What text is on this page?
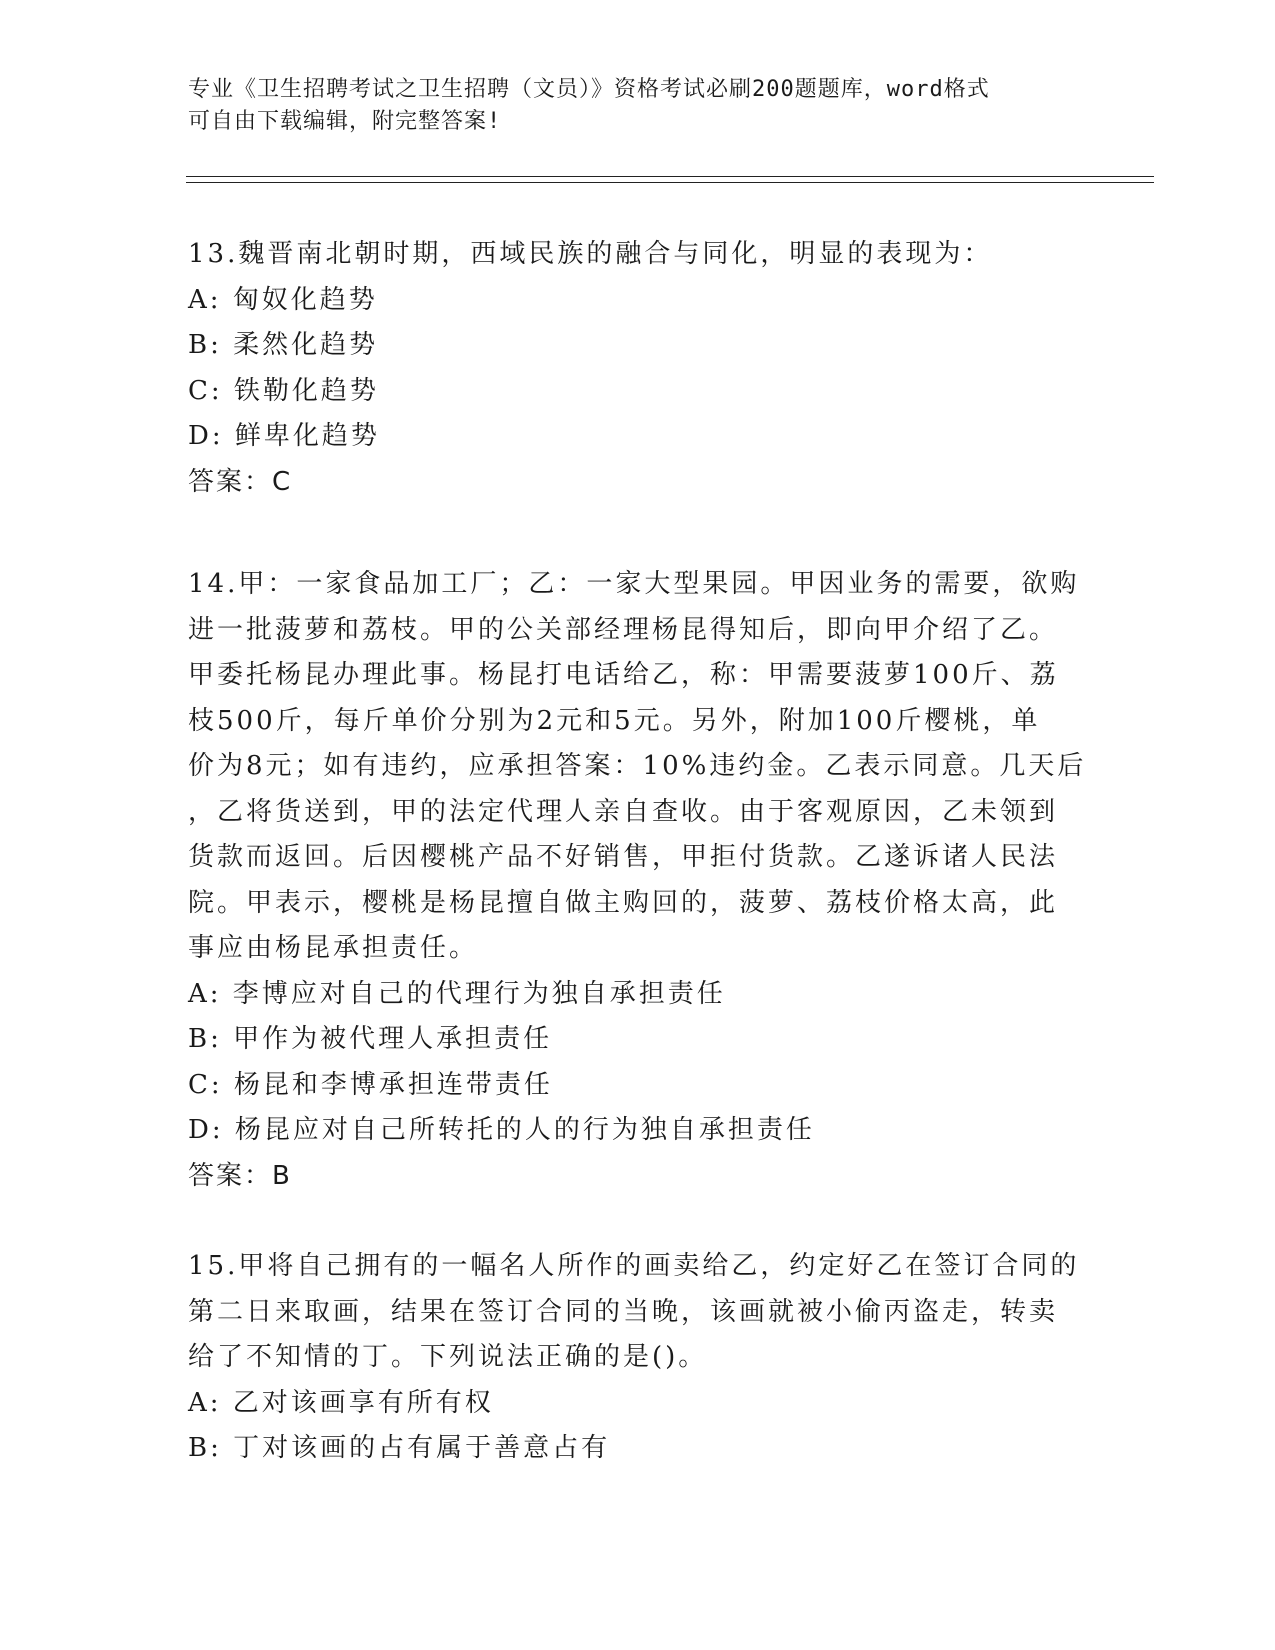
专业《卫生招聘考试之卫生招聘（文员）》资格考试必刷200题题库，word格式
可自由下载编辑，附完整答案!
13.魏晋南北朝时期，西域民族的融合与同化，明显的表现为：
A: 匈奴化趋势
B: 柔然化趋势
C: 铁勒化趋势
D: 鲜卑化趋势
答案：C
14.甲：一家食品加工厂；乙：一家大型果园。甲因业务的需要，欲购
进一批菠萝和荔枝。甲的公关部经理杨昆得知后，即向甲介绍了乙。
甲委托杨昆办理此事。杨昆打电话给乙，称：甲需要菠萝100斤、荔
枝500斤，每斤单价分别为2元和5元。另外，附加100斤樱桃，单
价为8元；如有违约，应承担答案：10%违约金。乙表示同意。几天后
，乙将货送到，甲的法定代理人亲自查收。由于客观原因，乙未领到
货款而返回。后因樱桃产品不好销售，甲拒付货款。乙遂诉诸人民法
院。甲表示，樱桃是杨昆擅自做主购回的，菠萝、荔枝价格太高，此
事应由杨昆承担责任。
A: 李博应对自己的代理行为独自承担责任
B: 甲作为被代理人承担责任
C: 杨昆和李博承担连带责任
D: 杨昆应对自己所转托的人的行为独自承担责任
答案：B
15.甲将自己拥有的一幅名人所作的画卖给乙，约定好乙在签订合同的
第二日来取画，结果在签订合同的当晚，该画就被小偷丙盗走，转卖
给了不知情的丁。下列说法正确的是()。
A: 乙对该画享有所有权
B: 丁对该画的占有属于善意占有
